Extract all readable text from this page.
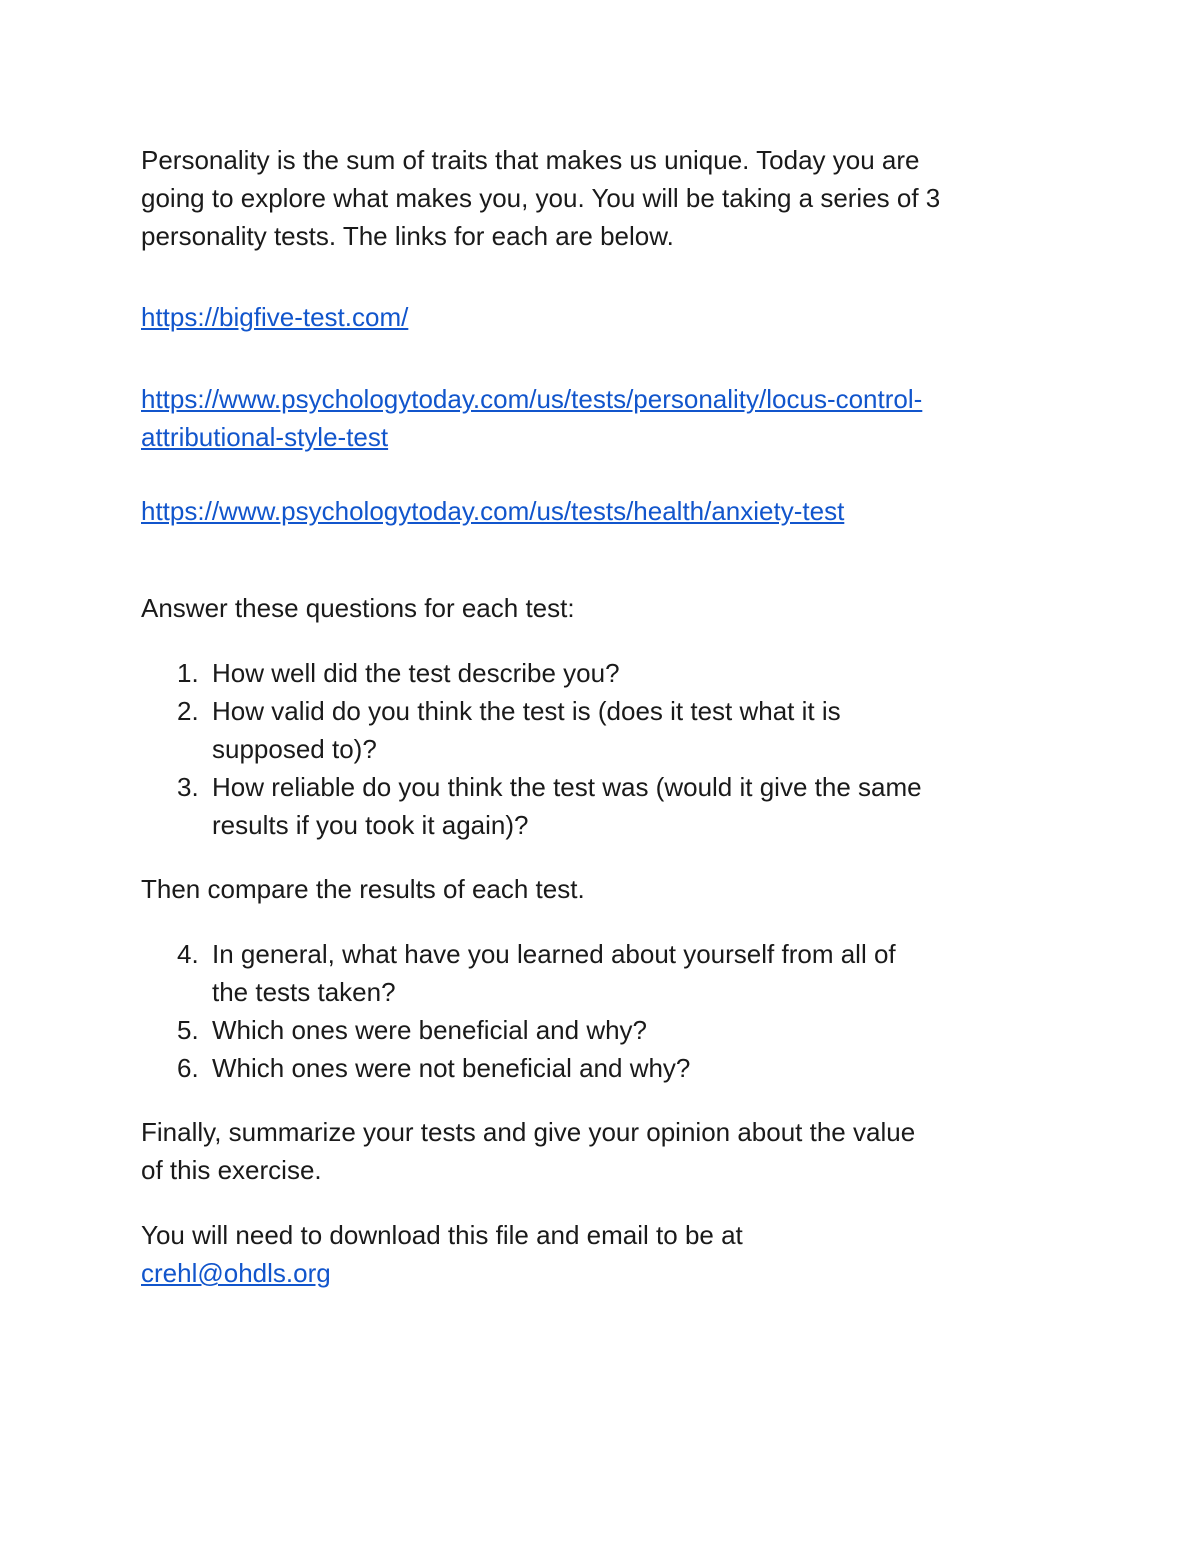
Personality is the sum of traits that makes us unique. Today you are
going to explore what makes you, you. You will be taking a series of 3
personality tests. The links for each are below.

https://bigfive-test.com/

https://www.psychologytoday.com/us/tests/personality/locus-control-
attributional-style-test

https://www.psychologytoday.com/us/tests/health/anxiety-test

Answer these questions for each test:

1. How well did the test describe you?
2. How valid do you think the test is (does it test what it is
supposed to)?
3. How reliable do you think the test was (would it give the same
results if you took it again)?

Then compare the results of each test.

4. In general, what have you learned about yourself from all of
the tests taken?
5. Which ones were beneficial and why?
6. Which ones were not beneficial and why?

Finally, summarize your tests and give your opinion about the value
of this exercise.

You will need to download this file and email to be at
crehl@ohdls.org
